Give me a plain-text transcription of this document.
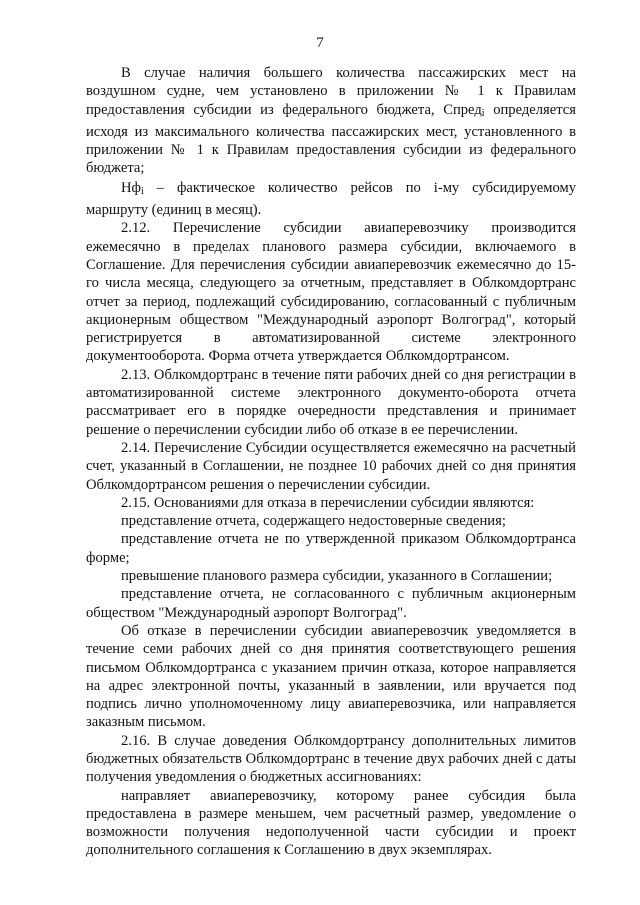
7

В случае наличия большего количества пассажирских мест на воздушном судне, чем установлено в приложении № 1 к Правилам предоставления субсидии из федерального бюджета, Спред$_i$ определяется исходя из максимального количества пассажирских мест, установленного в приложении № 1 к Правилам предоставления субсидии из федерального бюджета;

$Нф_i$ – фактическое количество рейсов по i-му субсидируемому маршруту (единиц в месяц).

2.12. Перечисление субсидии авиаперевозчику производится ежемесячно в пределах планового размера субсидии, включаемого в Соглашение. Для перечисления субсидии авиаперевозчик ежемесячно до 15-го числа месяца, следующего за отчетным, представляет в Облкомдортранс отчет за период, подлежащий субсидированию, согласованный с публичным акционерным обществом "Международный аэропорт Волгоград", который регистрируется в автоматизированной системе электронного документооборота. Форма отчета утверждается Облкомдортрансом.

2.13. Облкомдортранс в течение пяти рабочих дней со дня регистрации в автоматизированной системе электронного документо-оборота отчета рассматривает его в порядке очередности представления и принимает решение о перечислении субсидии либо об отказе в ее перечислении.

2.14. Перечисление Субсидии осуществляется ежемесячно на расчетный счет, указанный в Соглашении, не позднее 10 рабочих дней со дня принятия Облкомдортрансом решения о перечислении субсидии.

2.15. Основаниями для отказа в перечислении субсидии являются:

представление отчета, содержащего недостоверные сведения;

представление отчета не по утвержденной приказом Облкомдортранса форме;

превышение планового размера субсидии, указанного в Соглашении;

представление отчета, не согласованного с публичным акционерным обществом "Международный аэропорт Волгоград".

Об отказе в перечислении субсидии авиаперевозчик уведомляется в течение семи рабочих дней со дня принятия соответствующего решения письмом Облкомдортранса с указанием причин отказа, которое направляется на адрес электронной почты, указанный в заявлении, или вручается под подпись лично уполномоченному лицу авиаперевозчика, или направляется заказным письмом.

2.16. В случае доведения Облкомдортрансу дополнительных лимитов бюджетных обязательств Облкомдортранс в течение двух рабочих дней с даты получения уведомления о бюджетных ассигнованиях:

направляет авиаперевозчику, которому ранее субсидия была предоставлена в размере меньшем, чем расчетный размер, уведомление о возможности получения недополученной части субсидии и проект дополнительного соглашения к Соглашению в двух экземплярах.
